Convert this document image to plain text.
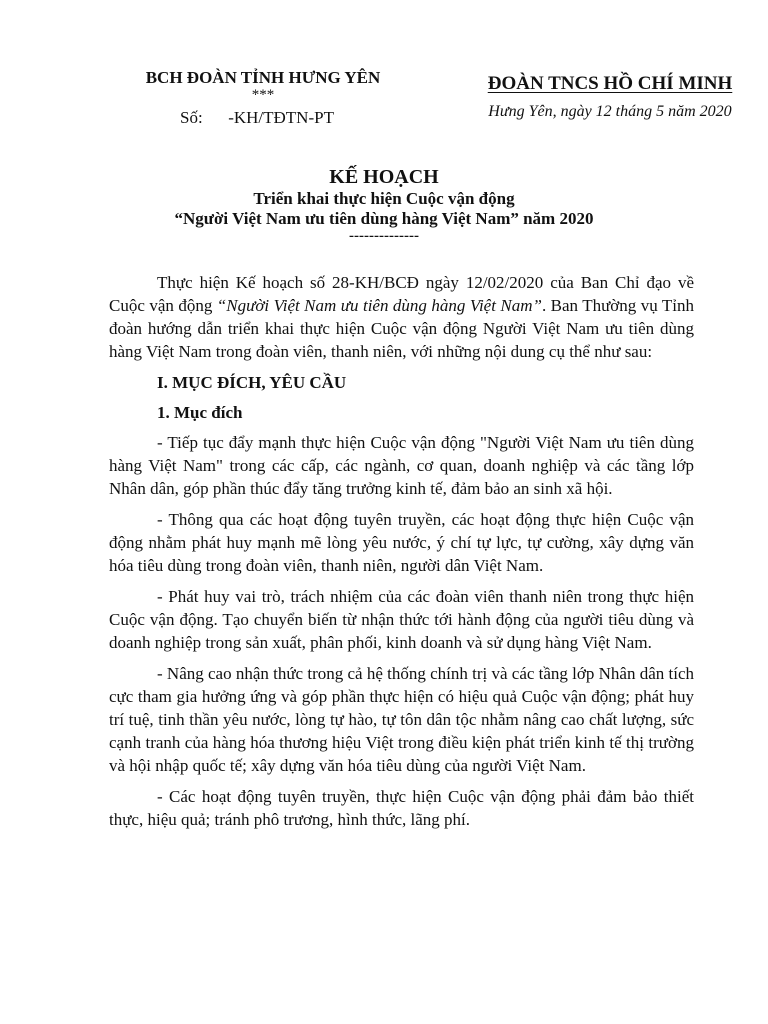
BCH ĐOÀN TỈNH HƯNG YÊN
***
Số: -KH/TĐTN-PT
ĐOÀN TNCS HỒ CHÍ MINH
Hưng Yên, ngày 12 tháng 5 năm 2020
KẾ HOẠCH
Triển khai thực hiện Cuộc vận động
“Người Việt Nam ưu tiên dùng hàng Việt Nam” năm 2020
--------------

Thực hiện Kế hoạch số 28-KH/BCĐ ngày 12/02/2020 của Ban Chỉ đạo về Cuộc vận động “Người Việt Nam ưu tiên dùng hàng Việt Nam”. Ban Thường vụ Tỉnh đoàn hướng dẫn triển khai thực hiện Cuộc vận động Người Việt Nam ưu tiên dùng hàng Việt Nam trong đoàn viên, thanh niên, với những nội dung cụ thể như sau:

I. MỤC ĐÍCH, YÊU CẦU
1. Mục đích

- Tiếp tục đẩy mạnh thực hiện Cuộc vận động "Người Việt Nam ưu tiên dùng hàng Việt Nam" trong các cấp, các ngành, cơ quan, doanh nghiệp và các tầng lớp Nhân dân, góp phần thúc đẩy tăng trưởng kinh tế, đảm bảo an sinh xã hội.

- Thông qua các hoạt động tuyên truyền, các hoạt động thực hiện Cuộc vận động nhằm phát huy mạnh mẽ lòng yêu nước, ý chí tự lực, tự cường, xây dựng văn hóa tiêu dùng trong đoàn viên, thanh niên, người dân Việt Nam.

- Phát huy vai trò, trách nhiệm của các đoàn viên thanh niên trong thực hiện Cuộc vận động. Tạo chuyển biến từ nhận thức tới hành động của người tiêu dùng và doanh nghiệp trong sản xuất, phân phối, kinh doanh và sử dụng hàng Việt Nam.

- Nâng cao nhận thức trong cả hệ thống chính trị và các tầng lớp Nhân dân tích cực tham gia hưởng ứng và góp phần thực hiện có hiệu quả Cuộc vận động; phát huy trí tuệ, tinh thần yêu nước, lòng tự hào, tự tôn dân tộc nhằm nâng cao chất lượng, sức cạnh tranh của hàng hóa thương hiệu Việt trong điều kiện phát triển kinh tế thị trường và hội nhập quốc tế; xây dựng văn hóa tiêu dùng của người Việt Nam.

- Các hoạt động tuyên truyền, thực hiện Cuộc vận động phải đảm bảo thiết thực, hiệu quả; tránh phô trương, hình thức, lãng phí.
